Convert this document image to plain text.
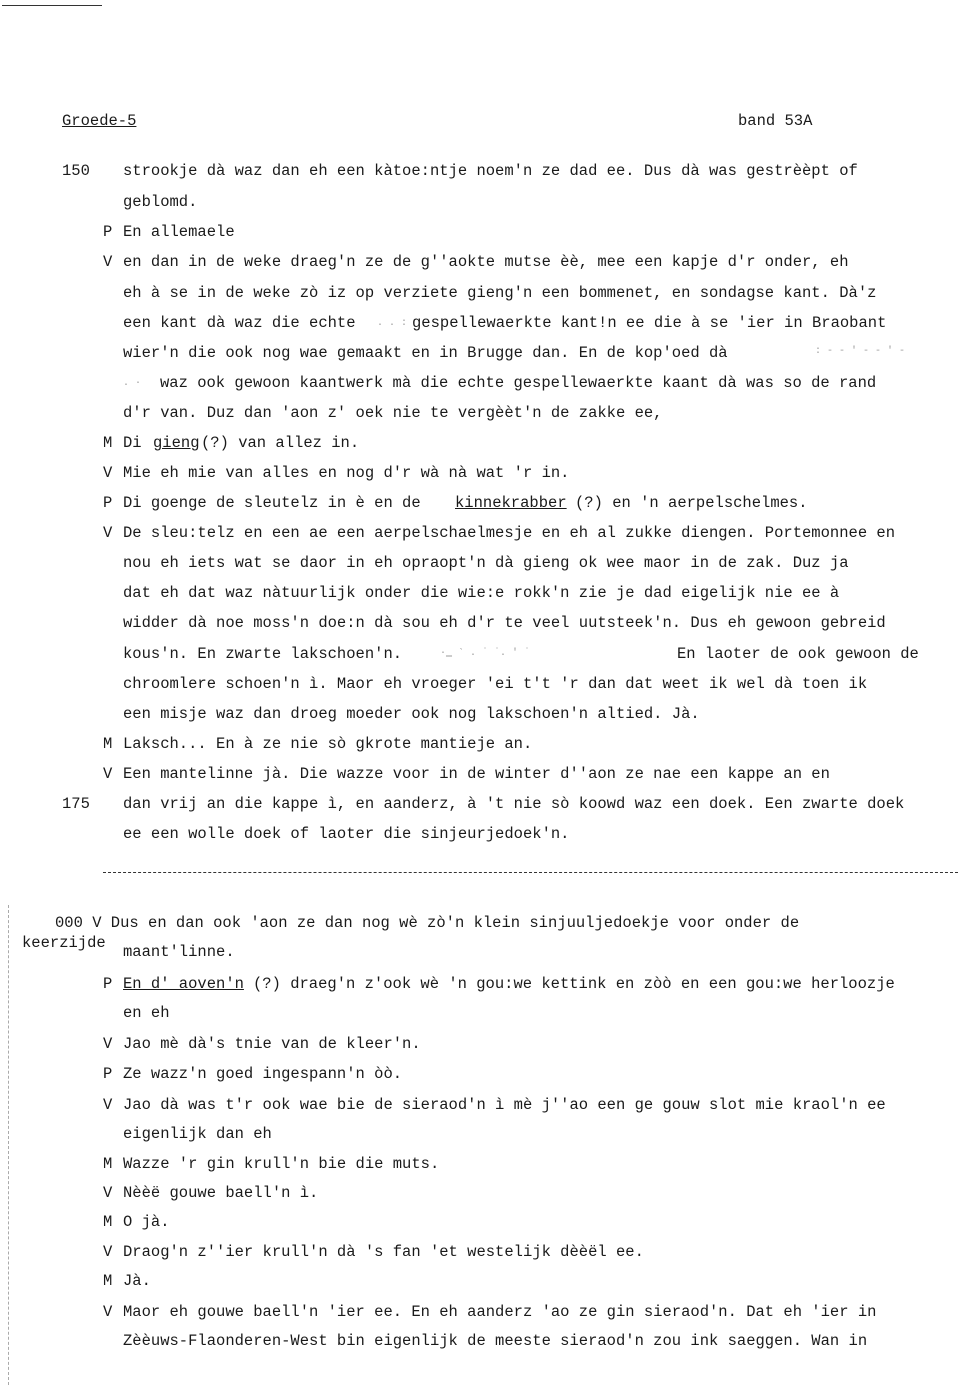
Groede-5	band 53A
150 strookje dà waz dan eh een kàtoe:ntje noem'n ze dad ee. Dus dà was gestrèèpt of
geblomd.
P En allemaele
V en dan in de weke draeg'n ze de g''aokte mutse èè, mee een kapje d'r onder, eh
eh à se in de weke zò iz op verziete gieng'n een bommenet, en sondagse kant. Dà'z
een kant dà waz die echte . . : gespellewaerkte kant!n ee die à se 'ier in Braobant
wier'n die ook nog wae gemaakt en in Brugge dan. En de kop'oed dà	: - - ' - - ' -
. · waz ook gewoon kaantwerk mà die echte gespellewaerkte kaant dà was so de rand
d'r van. Duz dan 'aon z' oek nie te vergèèt'n de zakke ee,
M Di gieng (?) van allez in.
V Mie eh mie van alles en nog d'r wà nà wat 'r in.
P Di goenge de sleutelz in è en de kinnekrabber (?) en 'n aerpelschelmes.
V De sleu:telz en een ae een aerpelschaelmesje en eh al zukke diengen. Portemonnee en
nou eh iets wat se daor in eh opraopt'n dà gieng ok wee maor in de zak. Duz ja
dat eh dat waz nàtuurlijk onder die wie:e rokk'n zie je dad eigelijk nie ee à
widder dà noe moss'n doe:n dà sou eh d'r te veel uutsteek'n. Dus eh gewoon gebreid
kous'n. En zwarte lakschoen'n.	·‗ ‵ . ˙ ˙. ' ˙	En laoter de ook gewoon de
chroomlere schoen'n ì. Maor eh vroeger 'ei t't 'r dan dat weet ik wel dà toen ik
een misje waz dan droeg moeder ook nog lakschoen'n altied. Jà.
M Laksch... En à ze nie sò gkrote mantieje an.
V Een mantelinne jà. Die wazze voor in de winter d''aon ze nae een kappe an en
175 dan vrij an die kappe ì, en aanderz, à 't nie sò koowd waz een doek. Een zwarte doek
ee een wolle doek of laoter die sinjeurjedoek'n.
000 V Dus en dan ook 'aon ze dan nog wè zò'n klein sinjuuljedoekje voor onder de
keerzijde maant'linne.
P En d' aoven'n (?) draeg'n z'ook wè 'n gou:we kettink en zòò en een gou:we herloozje
en eh
V Jao mè dà's tnie van de kleer'n.
P Ze wazz'n goed ingespann'n òò.
V Jao dà was t'r ook wae bie de sieraod'n ì mè j''ao een ge gouw slot mie kraol'n ee
eigenlijk dan eh
M Wazze 'r gin krull'n bie die muts.
V Nèèë gouwe baell'n ì.
M O jà.
V Draog'n z''ier krull'n dà 's fan 'et westelijk dèèël ee.
M Jà.
V Maor eh gouwe baell'n 'ier ee. En eh aanderz 'ao ze gin sieraod'n. Dat eh 'ier in
Zèèuws-Flaonderen-West bin eigenlijk de meeste sieraod'n zou ink saeggen. Wan in
